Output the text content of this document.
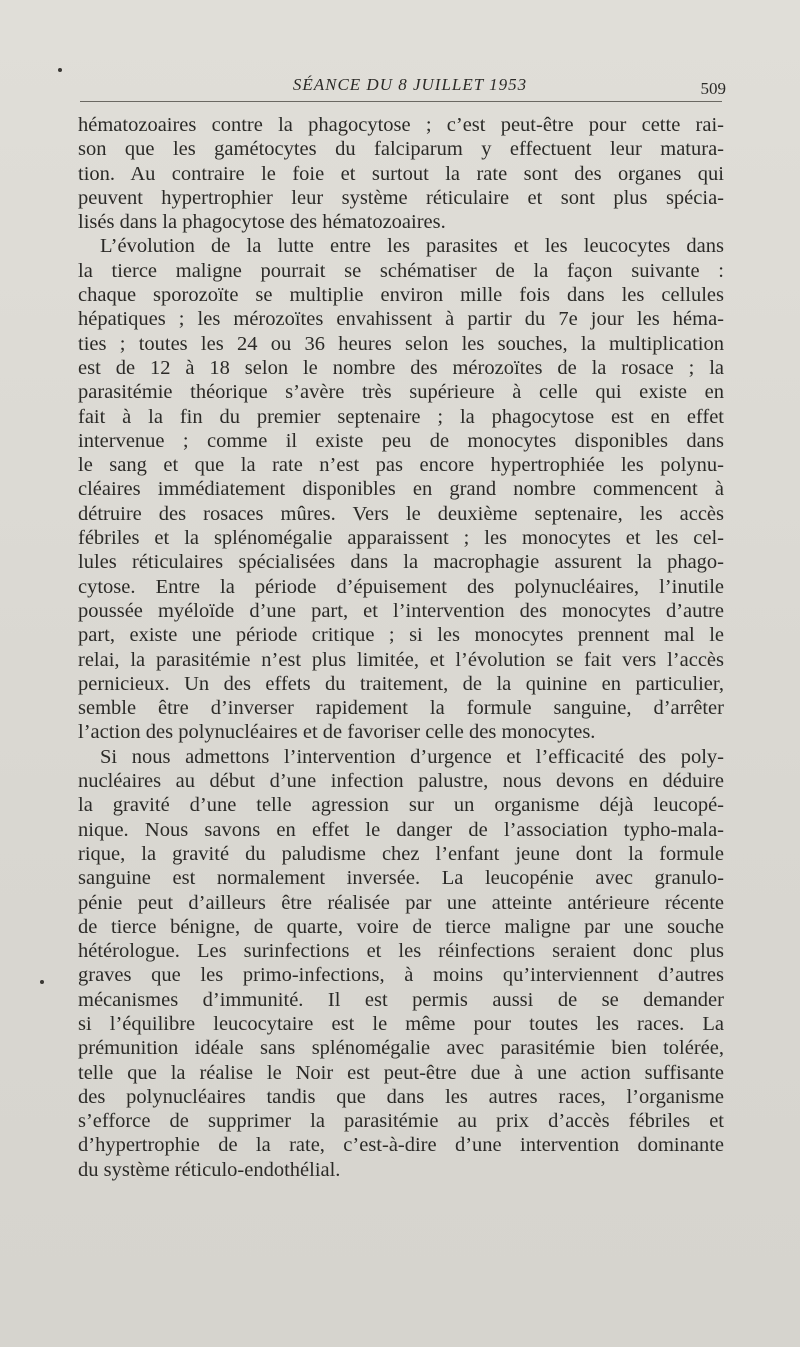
SÉANCE DU 8 JUILLET 1953	509
hématozoaires contre la phagocytose ; c’est peut-être pour cette rai-
son que les gamétocytes du falciparum y effectuent leur matura-
tion. Au contraire le foie et surtout la rate sont des organes qui
peuvent hypertrophier leur système réticulaire et sont plus spécia-
lisés dans la phagocytose des hématozoaires.
L’évolution de la lutte entre les parasites et les leucocytes dans
la tierce maligne pourrait se schématiser de la façon suivante :
chaque sporozoïte se multiplie environ mille fois dans les cellules
hépatiques ; les mérozoïtes envahissent à partir du 7e jour les héma-
ties ; toutes les 24 ou 36 heures selon les souches, la multiplication
est de 12 à 18 selon le nombre des mérozoïtes de la rosace ; la
parasitémie théorique s’avère très supérieure à celle qui existe en
fait à la fin du premier septenaire ; la phagocytose est en effet
intervenue ; comme il existe peu de monocytes disponibles dans
le sang et que la rate n’est pas encore hypertrophiée les polynu-
cléaires immédiatement disponibles en grand nombre commencent à
détruire des rosaces mûres. Vers le deuxième septenaire, les accès
fébriles et la splénomégalie apparaissent ; les monocytes et les cel-
lules réticulaires spécialisées dans la macrophagie assurent la phago-
cytose. Entre la période d’épuisement des polynucléaires, l’inutile
poussée myéloïde d’une part, et l’intervention des monocytes d’autre
part, existe une période critique ; si les monocytes prennent mal le
relai, la parasitémie n’est plus limitée, et l’évolution se fait vers l’accès
pernicieux. Un des effets du traitement, de la quinine en particulier,
semble être d’inverser rapidement la formule sanguine, d’arrêter
l’action des polynucléaires et de favoriser celle des monocytes.
Si nous admettons l’intervention d’urgence et l’efficacité des poly-
nucléaires au début d’une infection palustre, nous devons en déduire
la gravité d’une telle agression sur un organisme déjà leucopé-
nique. Nous savons en effet le danger de l’association typho-mala-
rique, la gravité du paludisme chez l’enfant jeune dont la formule
sanguine est normalement inversée. La leucopénie avec granulo-
pénie peut d’ailleurs être réalisée par une atteinte antérieure récente
de tierce bénigne, de quarte, voire de tierce maligne par une souche
hétérologue. Les surinfections et les réinfections seraient donc plus
graves que les primo-infections, à moins qu’interviennent d’autres
mécanismes d’immunité. Il est permis aussi de se demander
si l’équilibre leucocytaire est le même pour toutes les races. La
prémunition idéale sans splénomégalie avec parasitémie bien tolérée,
telle que la réalise le Noir est peut-être due à une action suffisante
des polynucléaires tandis que dans les autres races, l’organisme
s’efforce de supprimer la parasitémie au prix d’accès fébriles et
d’hypertrophie de la rate, c’est-à-dire d’une intervention dominante
du système réticulo-endothélial.
